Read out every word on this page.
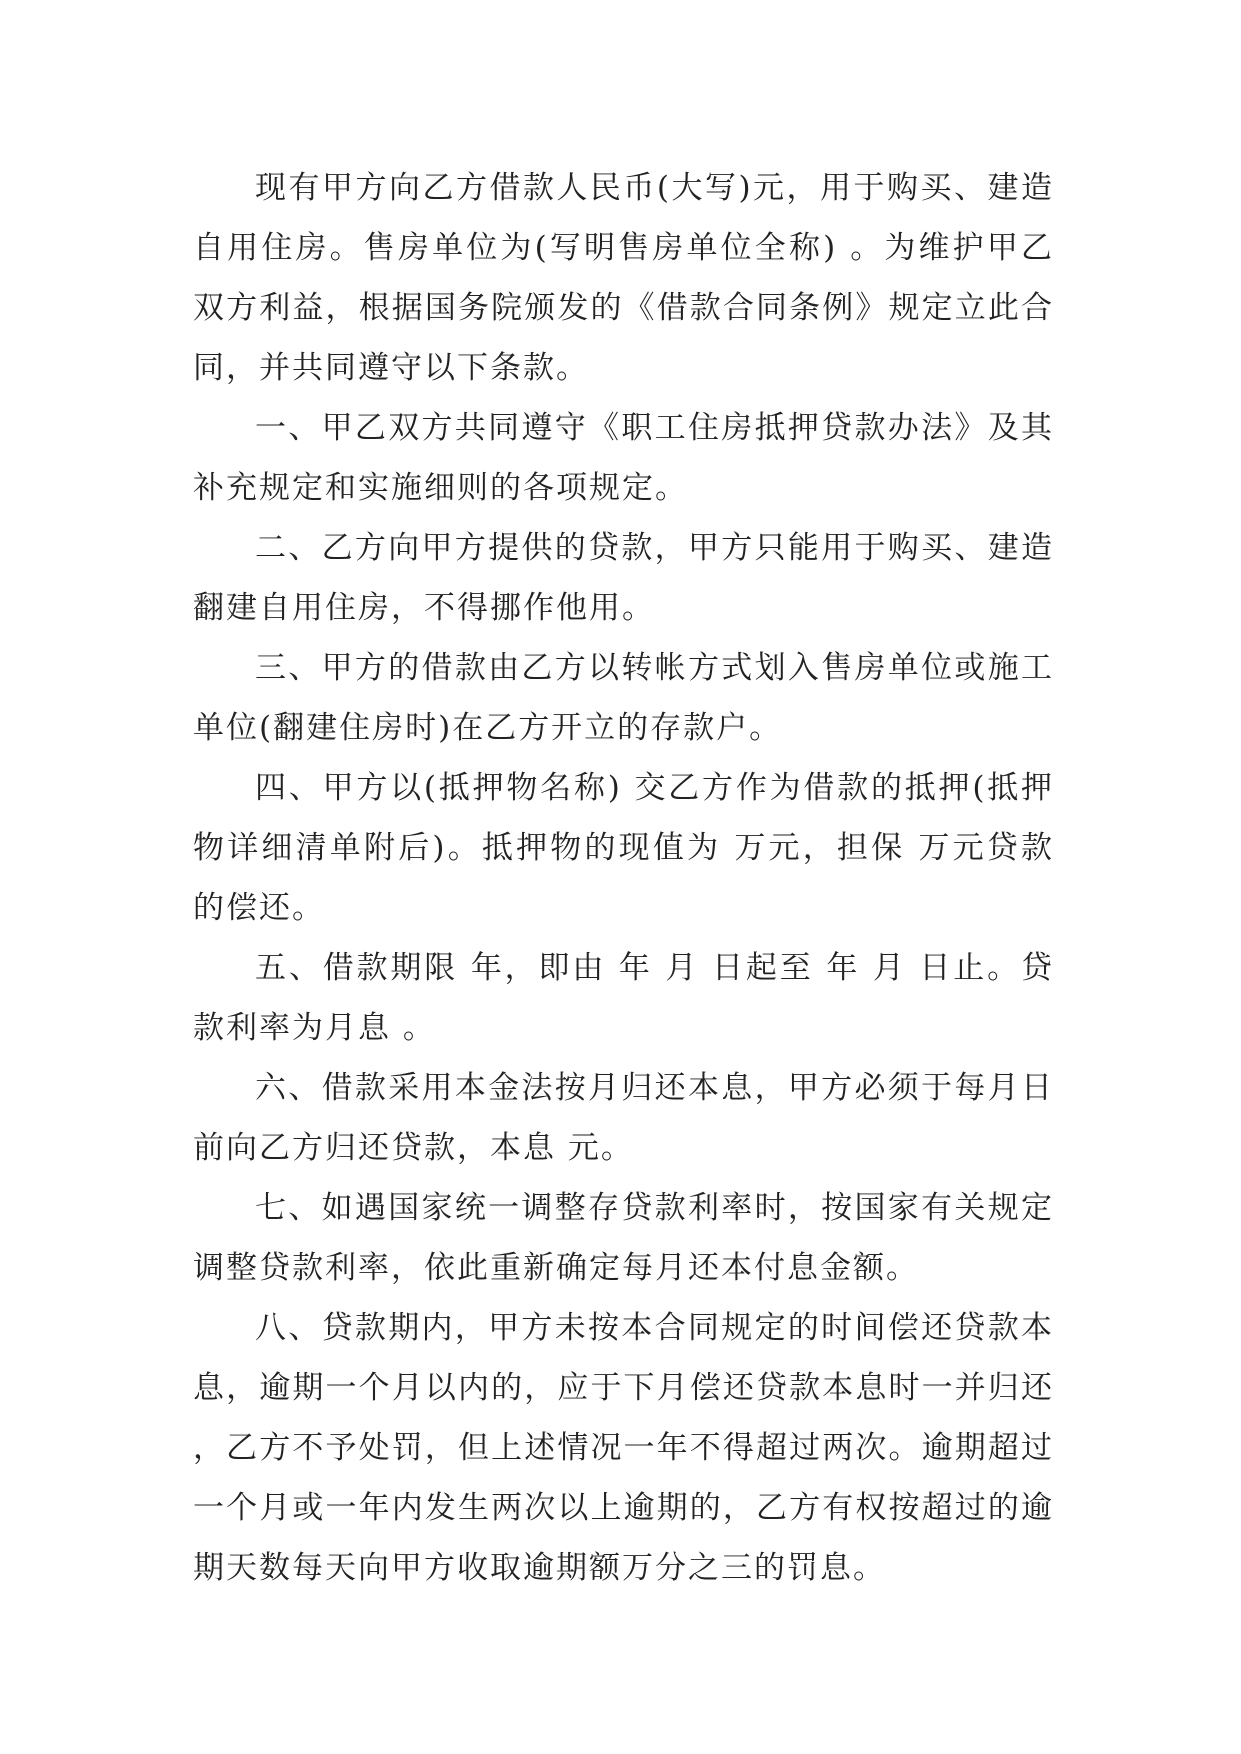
现有甲方向乙方借款人民币(大写)元，用于购买、建造自用住房。售房单位为(写明售房单位全称) 。为维护甲乙双方利益，根据国务院颁发的《借款合同条例》规定立此合同，并共同遵守以下条款。

一、甲乙双方共同遵守《职工住房抵押贷款办法》及其补充规定和实施细则的各项规定。

二、乙方向甲方提供的贷款，甲方只能用于购买、建造翻建自用住房，不得挪作他用。

三、甲方的借款由乙方以转帐方式划入售房单位或施工单位(翻建住房时)在乙方开立的存款户。

四、甲方以(抵押物名称) 交乙方作为借款的抵押(抵押物详细清单附后)。抵押物的现值为 万元，担保 万元贷款的偿还。

五、借款期限 年，即由 年 月 日起至 年 月 日止。贷款利率为月息 。

六、借款采用本金法按月归还本息，甲方必须于每月日前向乙方归还贷款，本息 元。

七、如遇国家统一调整存贷款利率时，按国家有关规定调整贷款利率，依此重新确定每月还本付息金额。

八、贷款期内，甲方未按本合同规定的时间偿还贷款本息，逾期一个月以内的，应于下月偿还贷款本息时一并归还，乙方不予处罚，但上述情况一年不得超过两次。逾期超过一个月或一年内发生两次以上逾期的，乙方有权按超过的逾期天数每天向甲方收取逾期额万分之三的罚息。
